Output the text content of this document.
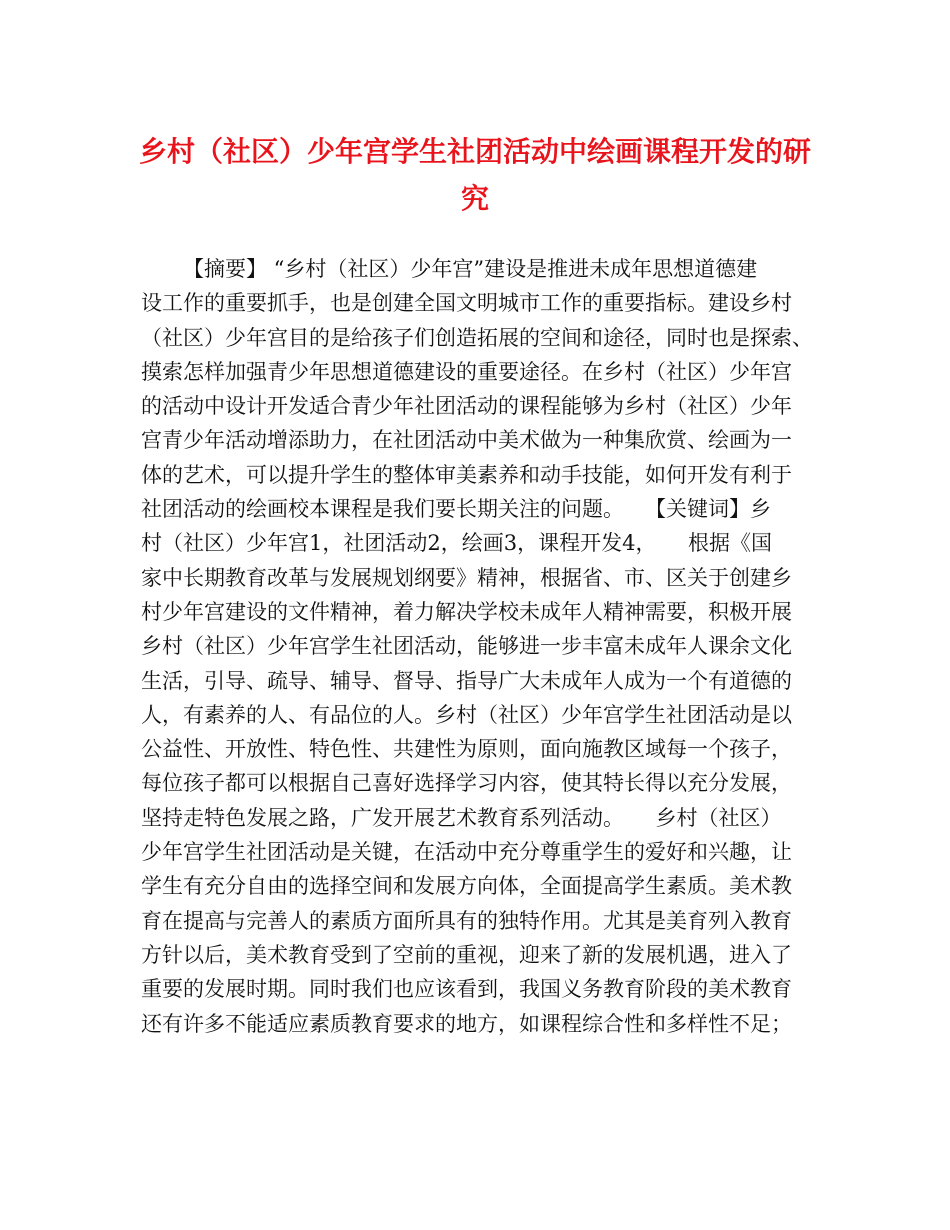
乡村（社区）少年宫学生社团活动中绘画课程开发的研
究
【摘要】 “乡村（社区）少年宫”建设是推进未成年思想道德建
设工作的重要抓手，也是创建全国文明城市工作的重要指标。建设乡村
（社区）少年宫目的是给孩子们创造拓展的空间和途径，同时也是探索、
摸索怎样加强青少年思想道德建设的重要途径。在乡村（社区）少年宫
的活动中设计开发适合青少年社团活动的课程能够为乡村（社区）少年
宫青少年活动增添助力，在社团活动中美术做为一种集欣赏、绘画为一
体的艺术，可以提升学生的整体审美素养和动手技能，如何开发有利于
社团活动的绘画校本课程是我们要长期关注的问题。　　【关键词】乡
村（社区）少年宫1，社团活动2，绘画3，课程开发4，　　根据《国
家中长期教育改革与发展规划纲要》精神，根据省、市、区关于创建乡
村少年宫建设的文件精神，着力解决学校未成年人精神需要，积极开展
乡村（社区）少年宫学生社团活动，能够进一步丰富未成年人课余文化
生活，引导、疏导、辅导、督导、指导广大未成年人成为一个有道德的
人，有素养的人、有品位的人。乡村（社区）少年宫学生社团活动是以
公益性、开放性、特色性、共建性为原则，面向施教区域每一个孩子，
每位孩子都可以根据自己喜好选择学习内容，使其特长得以充分发展，
坚持走特色发展之路，广发开展艺术教育系列活动。　　乡村（社区）
少年宫学生社团活动是关键，在活动中充分尊重学生的爱好和兴趣，让
学生有充分自由的选择空间和发展方向体，全面提高学生素质。美术教
育在提高与完善人的素质方面所具有的独特作用。尤其是美育列入教育
方针以后，美术教育受到了空前的重视，迎来了新的发展机遇，进入了
重要的发展时期。同时我们也应该看到，我国义务教育阶段的美术教育
还有许多不能适应素质教育要求的地方，如课程综合性和多样性不足；
